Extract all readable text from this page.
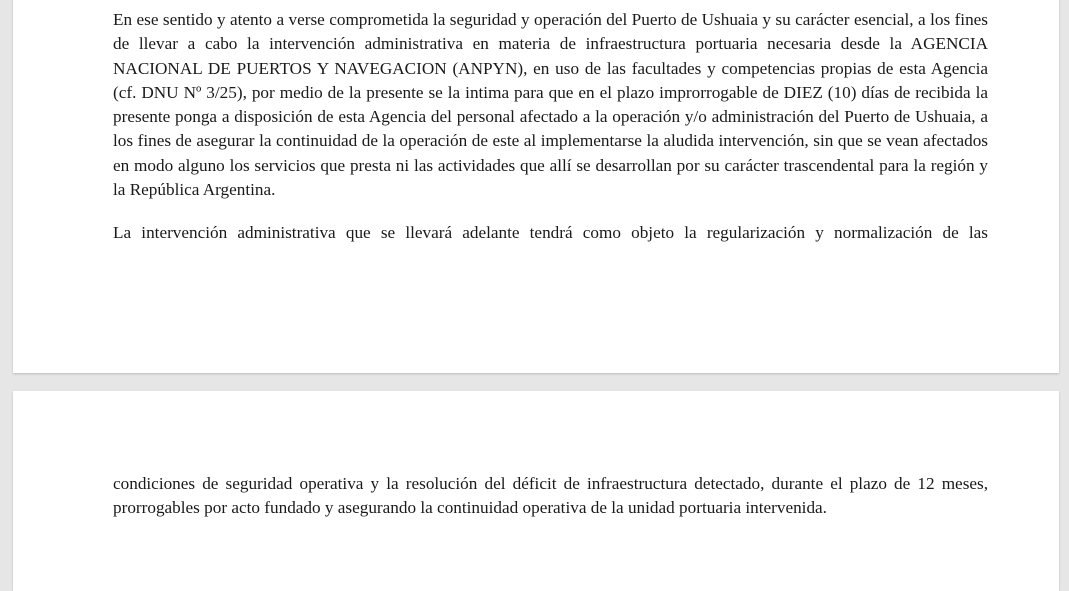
En ese sentido y atento a verse comprometida la seguridad y operación del Puerto de Ushuaia y su carácter esencial, a los fines de llevar a cabo la intervención administrativa en materia de infraestructura portuaria necesaria desde la AGENCIA NACIONAL DE PUERTOS Y NAVEGACION (ANPYN), en uso de las facultades y competencias propias de esta Agencia (cf. DNU Nº 3/25), por medio de la presente se la intima para que en el plazo improrrogable de DIEZ (10) días de recibida la presente ponga a disposición de esta Agencia del personal afectado a la operación y/o administración del Puerto de Ushuaia, a los fines de asegurar la continuidad de la operación de este al implementarse la aludida intervención, sin que se vean afectados en modo alguno los servicios que presta ni las actividades que allí se desarrollan por su carácter trascendental para la región y la República Argentina.

La intervención administrativa que se llevará adelante tendrá como objeto la regularización y normalización de las

condiciones de seguridad operativa y la resolución del déficit de infraestructura detectado, durante el plazo de 12 meses, prorrogables por acto fundado y asegurando la continuidad operativa de la unidad portuaria intervenida.
